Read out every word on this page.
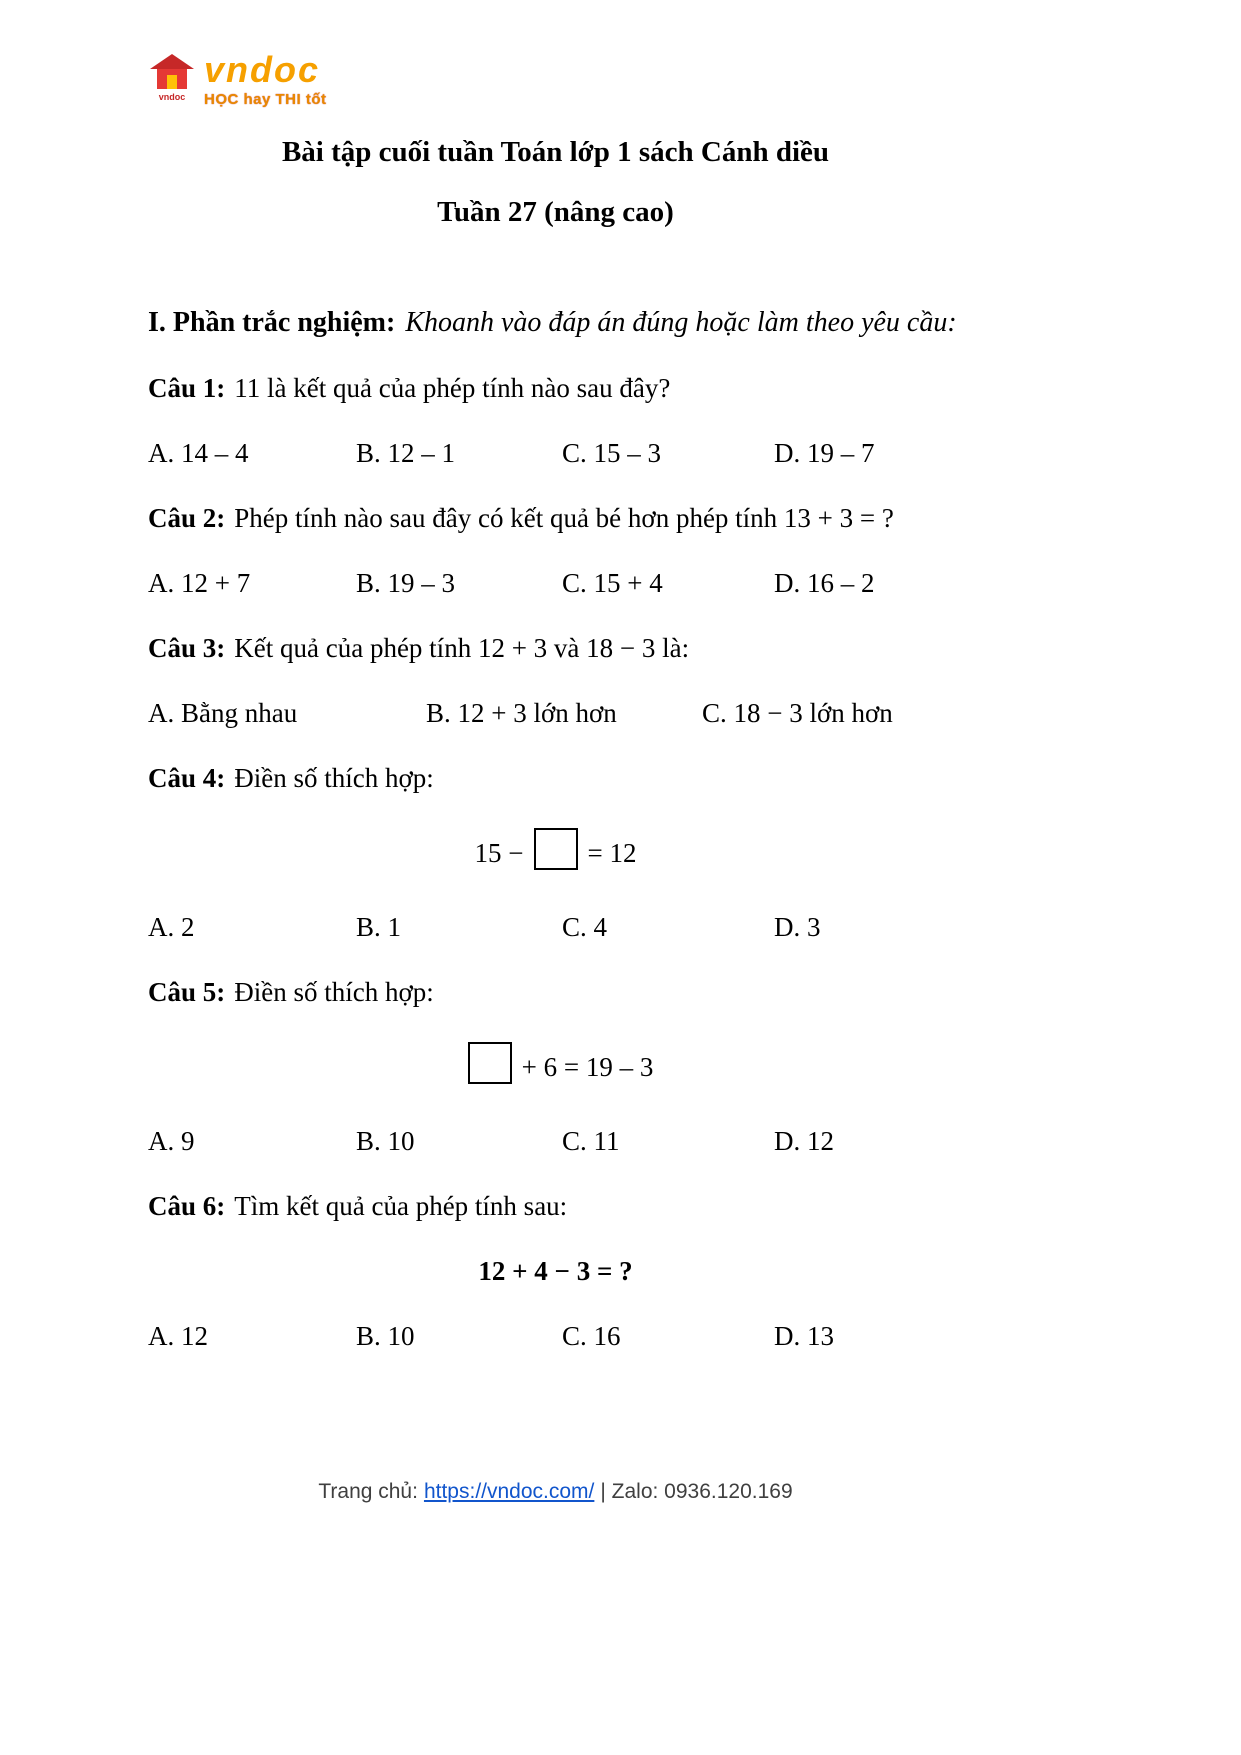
vndoc
vndoc
HỌC hay THI tốt
Bài tập cuối tuần Toán lớp 1 sách Cánh diều
Tuần 27 (nâng cao)

I. Phần trắc nghiệm: Khoanh vào đáp án đúng hoặc làm theo yêu cầu:

Câu 1: 11 là kết quả của phép tính nào sau đây?

A. 14 – 4	B. 12 – 1	C. 15 – 3	D. 19 – 7

Câu 2: Phép tính nào sau đây có kết quả bé hơn phép tính 13 + 3 = ?

A. 12 + 7	B. 19 – 3	C. 15 + 4	D. 16 – 2

Câu 3: Kết quả của phép tính 12 + 3 và 18 − 3 là:

A. Bằng nhau	B. 12 + 3 lớn hơn	C. 18 − 3 lớn hơn

Câu 4: Điền số thích hợp:

15 − = 12
A. 2	B. 1	C. 4	D. 3

Câu 5: Điền số thích hợp:

+ 6 = 19 – 3
A. 9	B. 10	C. 11	D. 12

Câu 6: Tìm kết quả của phép tính sau:

12 + 4 − 3 = ?
A. 12	B. 10	C. 16	D. 13
Trang chủ: https://vndoc.com/ | Zalo: 0936.120.169
